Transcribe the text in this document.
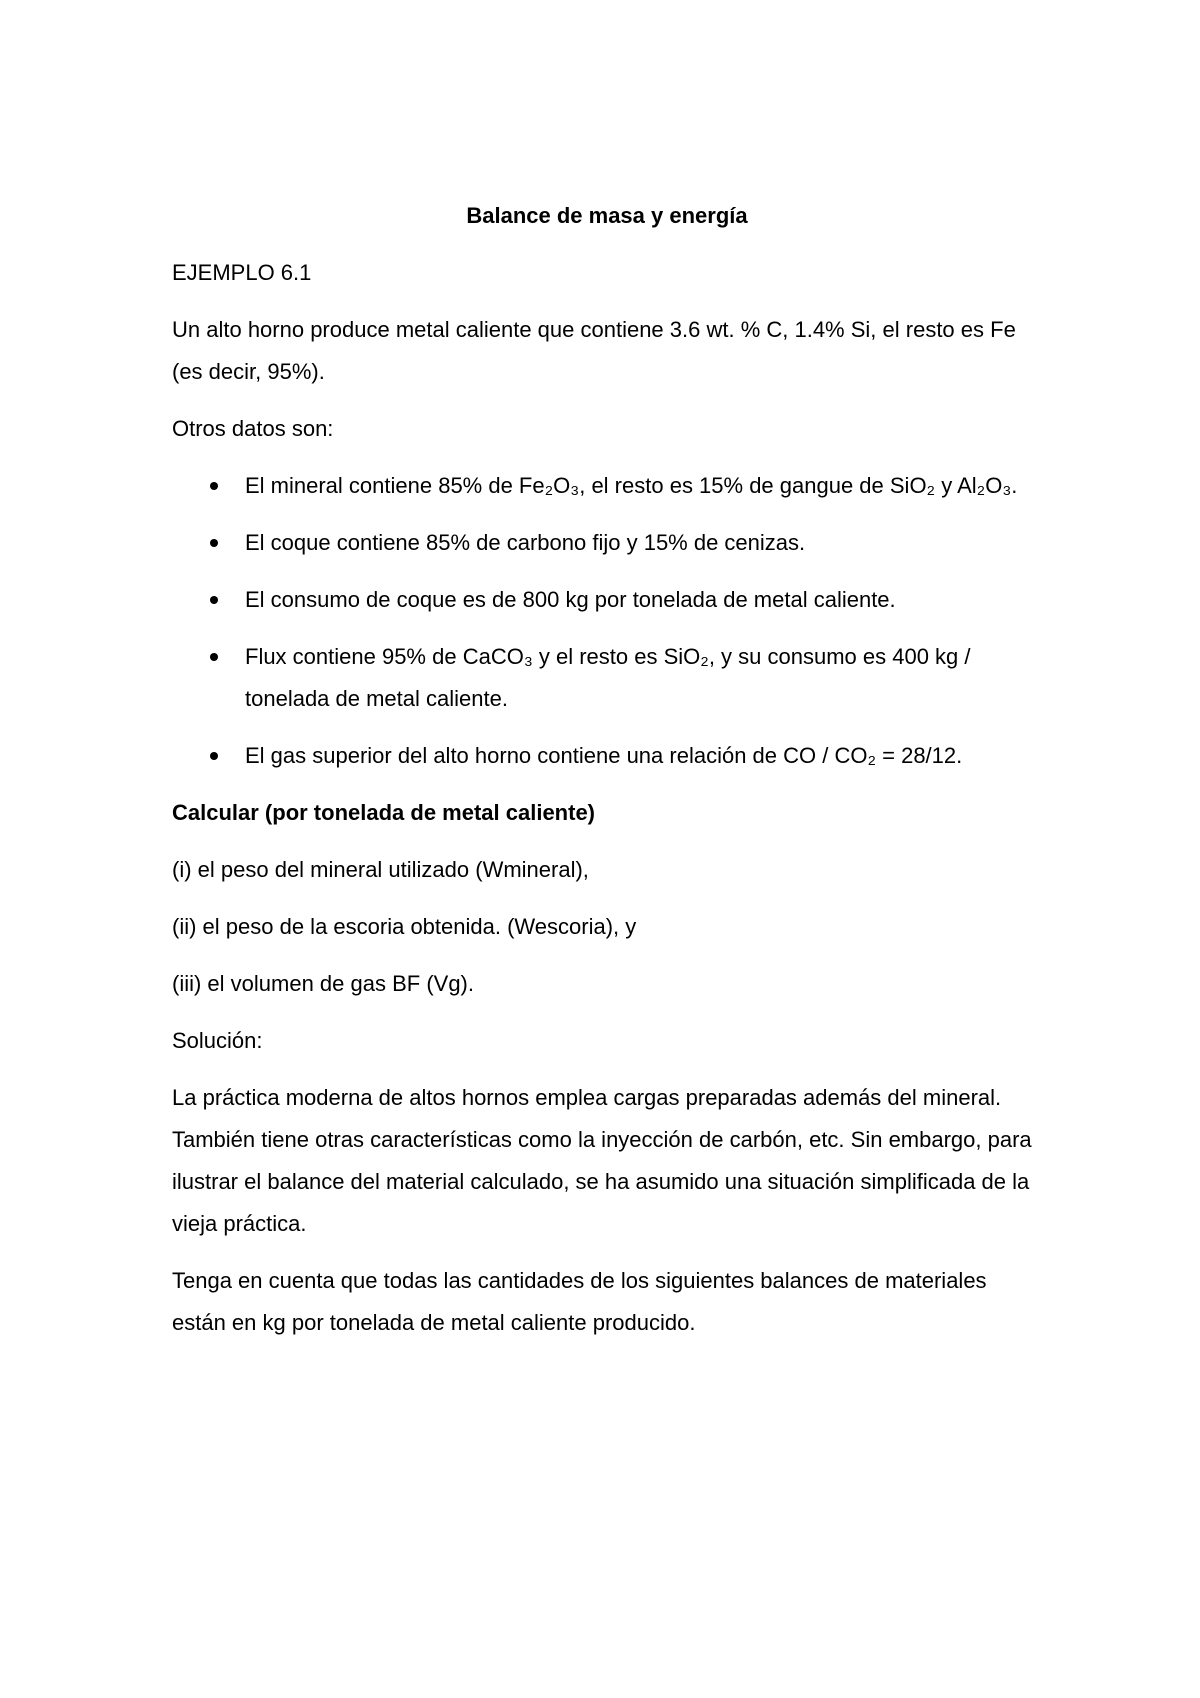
Balance de masa y energía

EJEMPLO 6.1

Un alto horno produce metal caliente que contiene 3.6 wt. % C, 1.4% Si, el resto es Fe (es decir, 95%).

Otros datos son:

El mineral contiene 85% de Fe₂O₃, el resto es 15% de gangue de SiO₂ y Al₂O₃.
El coque contiene 85% de carbono fijo y 15% de cenizas.
El consumo de coque es de 800 kg por tonelada de metal caliente.
Flux contiene 95% de CaCO₃ y el resto es SiO₂, y su consumo es 400 kg / tonelada de metal caliente.
El gas superior del alto horno contiene una relación de CO / CO₂ = 28/12.

Calcular (por tonelada de metal caliente)

(i) el peso del mineral utilizado (Wmineral),

(ii) el peso de la escoria obtenida. (Wescoria), y

(iii) el volumen de gas BF (Vg).

Solución:

La práctica moderna de altos hornos emplea cargas preparadas además del mineral. También tiene otras características como la inyección de carbón, etc. Sin embargo, para ilustrar el balance del material calculado, se ha asumido una situación simplificada de la vieja práctica.

Tenga en cuenta que todas las cantidades de los siguientes balances de materiales están en kg por tonelada de metal caliente producido.
